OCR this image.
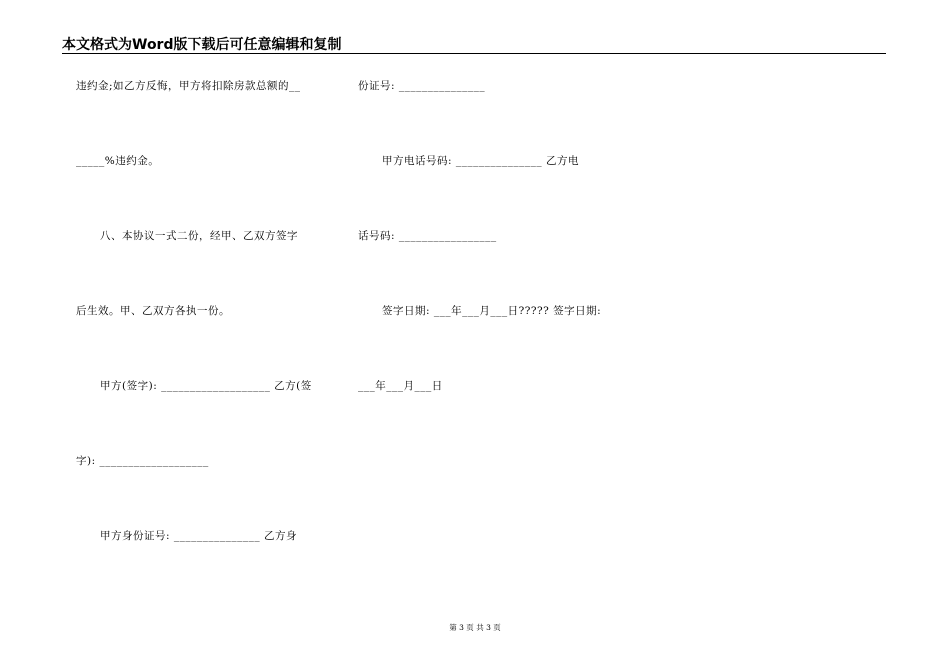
本文格式为Word版下载后可任意编辑和复制
违约金;如乙方反悔，甲方将扣除房款总额的__
_____%违约金。
八、本协议一式二份，经甲、乙双方签字
后生效。甲、乙双方各执一份。
甲方(签字): ___________________ 乙方(签
字): ___________________
甲方身份证号: _______________ 乙方身
份证号: _______________
甲方电话号码: _______________ 乙方电
话号码: _________________
签字日期: ___年___月___日????? 签字日期:
___年___月___日
第 3 页 共 3 页
